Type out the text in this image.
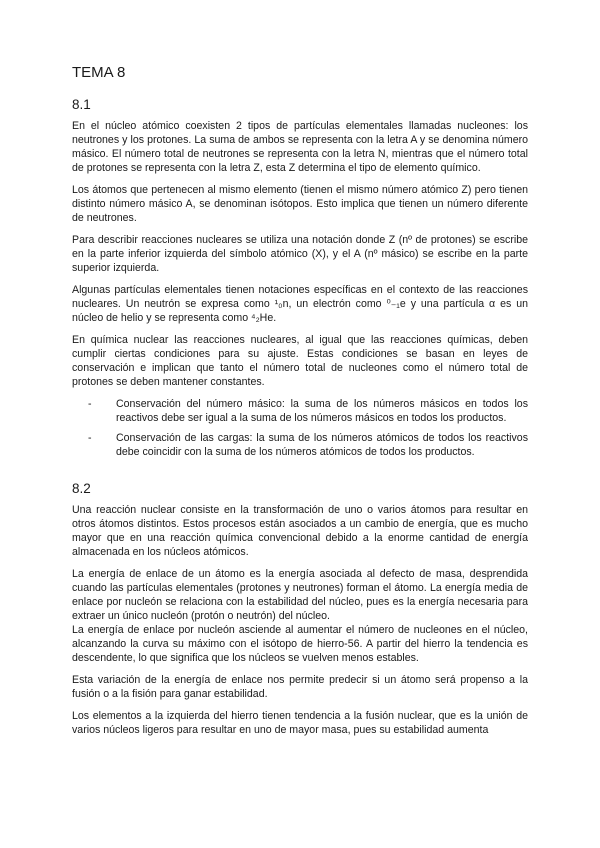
TEMA 8
8.1

En el núcleo atómico coexisten 2 tipos de partículas elementales llamadas nucleones: los neutrones y los protones. La suma de ambos se representa con la letra A y se denomina número másico. El número total de neutrones se representa con la letra N, mientras que el número total de protones se representa con la letra Z, esta Z determina el tipo de elemento químico.

Los átomos que pertenecen al mismo elemento (tienen el mismo número atómico Z) pero tienen distinto número másico A, se denominan isótopos. Esto implica que tienen un número diferente de neutrones.

Para describir reacciones nucleares se utiliza una notación donde Z (nº de protones) se escribe en la parte inferior izquierda del símbolo atómico (X), y el A (nº másico) se escribe en la parte superior izquierda.

Algunas partículas elementales tienen notaciones específicas en el contexto de las reacciones nucleares. Un neutrón se expresa como ¹₀n, un electrón como ⁰₋₁e y una partícula α es un núcleo de helio y se representa como ⁴₂He.

En química nuclear las reacciones nucleares, al igual que las reacciones químicas, deben cumplir ciertas condiciones para su ajuste. Estas condiciones se basan en leyes de conservación e implican que tanto el número total de nucleones como el número total de protones se deben mantener constantes.

- Conservación del número másico: la suma de los números másicos en todos los reactivos debe ser igual a la suma de los números másicos en todos los productos.
- Conservación de las cargas: la suma de los números atómicos de todos los reactivos debe coincidir con la suma de los números atómicos de todos los productos.
8.2

Una reacción nuclear consiste en la transformación de uno o varios átomos para resultar en otros átomos distintos. Estos procesos están asociados a un cambio de energía, que es mucho mayor que en una reacción química convencional debido a la enorme cantidad de energía almacenada en los núcleos atómicos.

La energía de enlace de un átomo es la energía asociada al defecto de masa, desprendida cuando las partículas elementales (protones y neutrones) forman el átomo. La energía media de enlace por nucleón se relaciona con la estabilidad del núcleo, pues es la energía necesaria para extraer un único nucleón (protón o neutrón) del núcleo.

La energía de enlace por nucleón asciende al aumentar el número de nucleones en el núcleo, alcanzando la curva su máximo con el isótopo de hierro-56. A partir del hierro la tendencia es descendente, lo que significa que los núcleos se vuelven menos estables.

Esta variación de la energía de enlace nos permite predecir si un átomo será propenso a la fusión o a la fisión para ganar estabilidad.

Los elementos a la izquierda del hierro tienen tendencia a la fusión nuclear, que es la unión de varios núcleos ligeros para resultar en uno de mayor masa, pues su estabilidad aumenta
